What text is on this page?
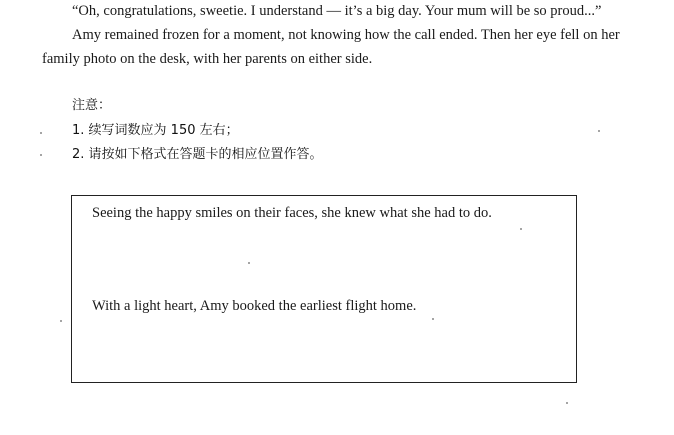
“Oh, congratulations, sweetie. I understand — it’s a big day. Your mum will be so proud...”
Amy remained frozen for a moment, not knowing how the call ended. Then her eye fell on her
family photo on the desk, with her parents on either side.
注意：
1. 续写词数应为 150 左右；
2. 请按如下格式在答题卡的相应位置作答。
Seeing the happy smiles on their faces, she knew what she had to do.
With a light heart, Amy booked the earliest flight home.
